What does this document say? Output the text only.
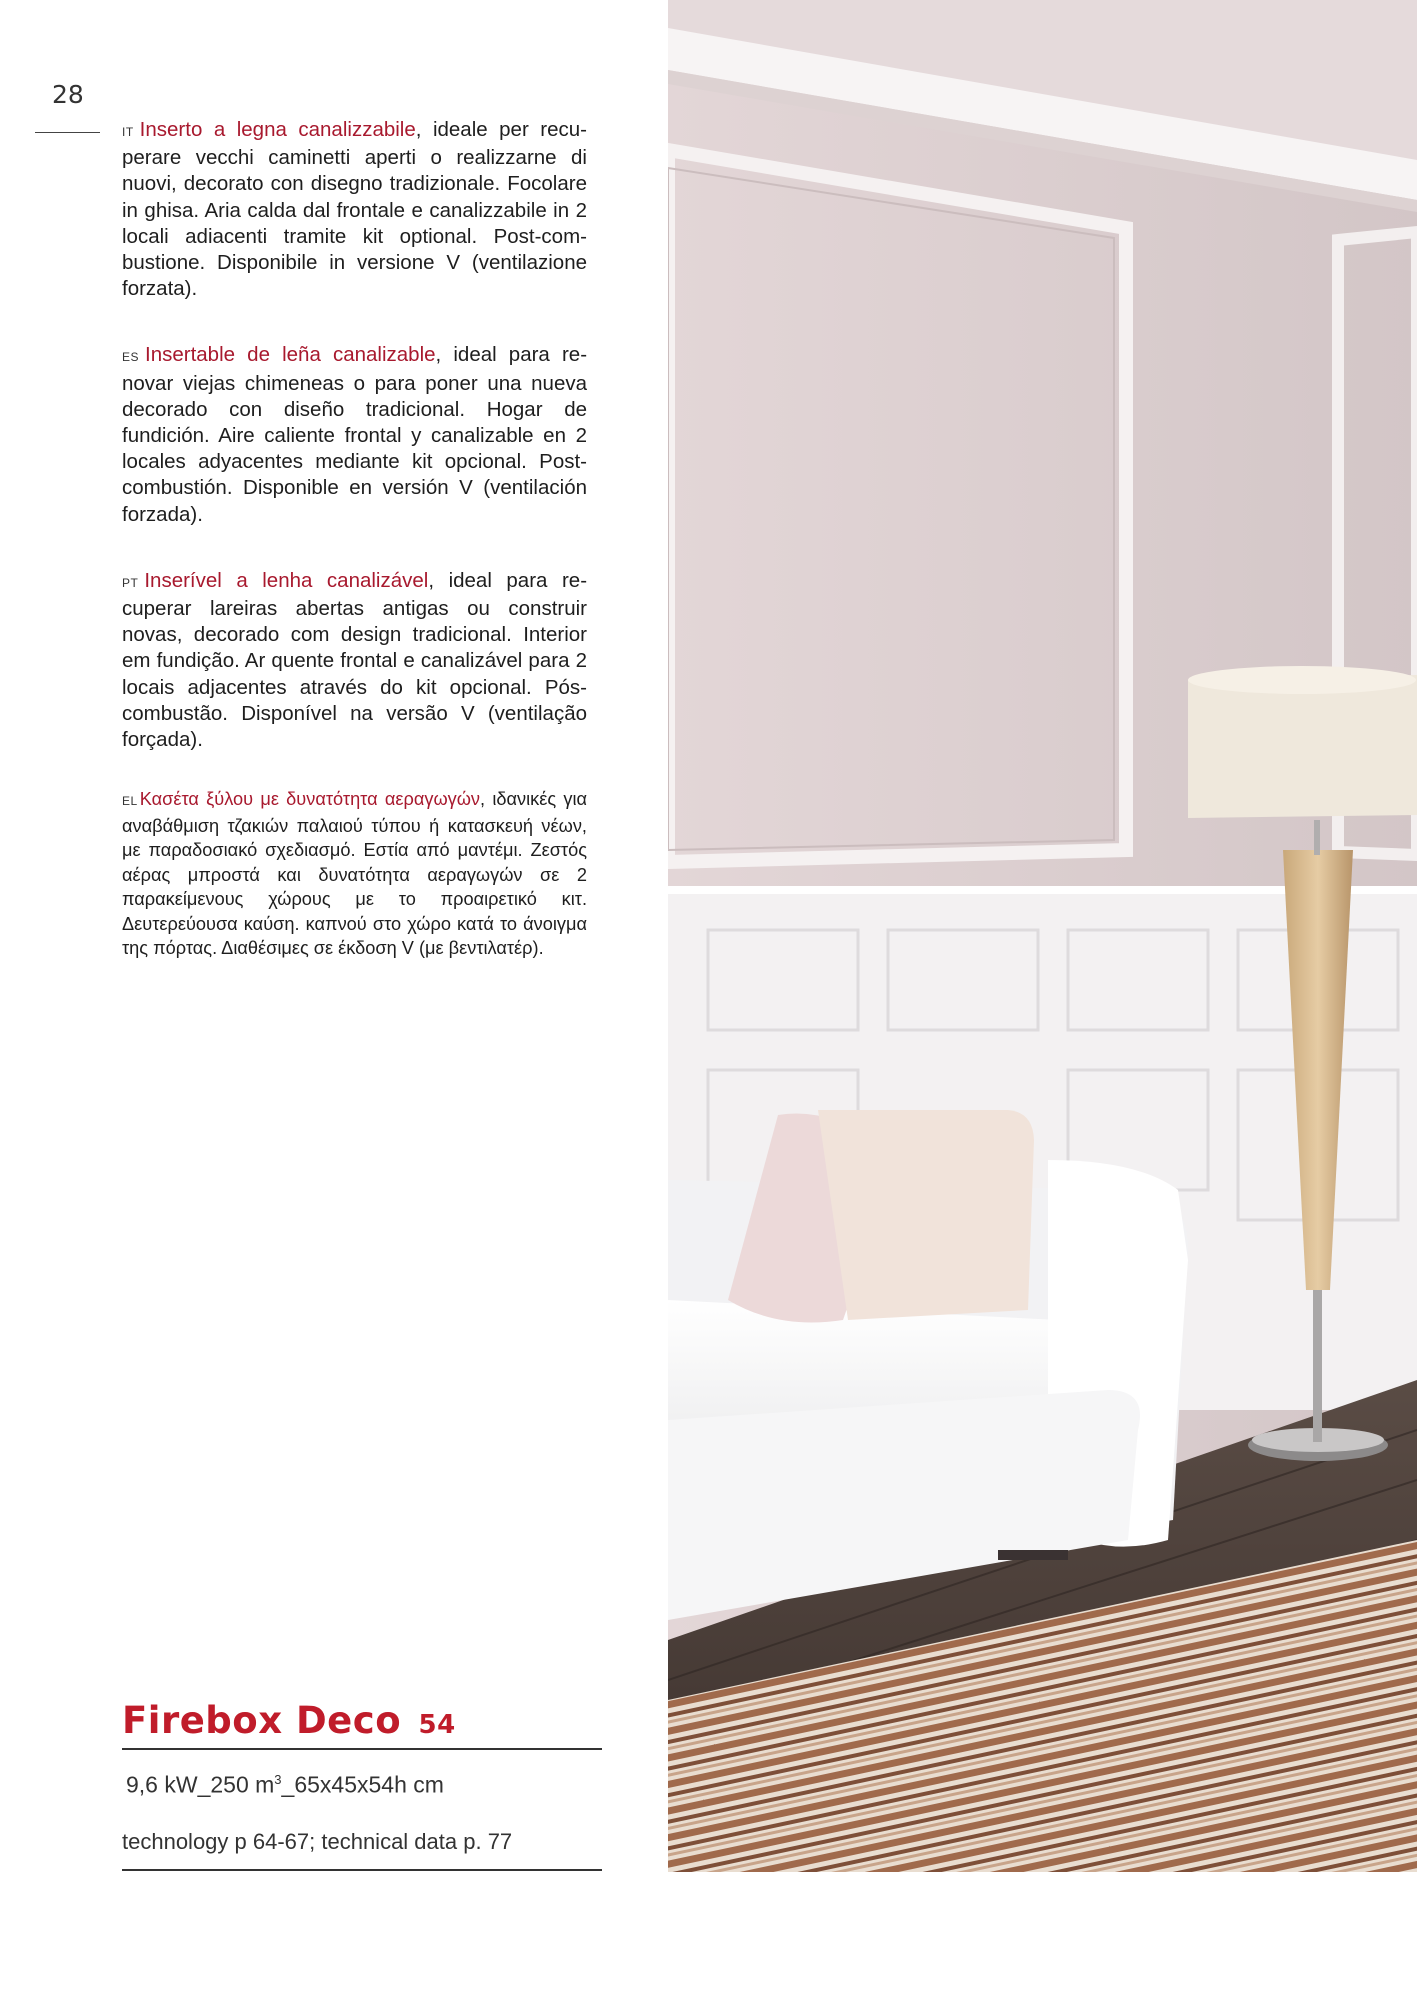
28

IT Inserto a legna canalizzabile, ideale per recuperare vecchi caminetti aperti o realizzarne di nuovi, decorato con disegno tradizionale. Focolare in ghisa. Aria calda dal frontale e canalizzabile in 2 locali adiacenti tramite kit optional. Post-combustione. Disponibile in versione V (ventilazione forzata).

ES Insertable de leña canalizable, ideal para renovar viejas chimeneas o para poner una nueva decorado con diseño tradicional. Hogar de fundición. Aire caliente frontal y canalizable en 2 locales adyacentes mediante kit opcional. Post-combustión. Disponible en versión V (ventilación forzada).

PT Inserível a lenha canalizável, ideal para recuperar lareiras abertas antigas ou construir novas, decorado com design tradicional. Interior em fundição. Ar quente frontal e canalizável para 2 locais adjacentes através do kit opcional. Pós-combustão. Disponível na versão V (ventilação forçada).

EL Κασέτα ξύλου με δυνατότητα αεραγωγών, ιδανικές για αναβάθμιση τζακιών παλαιού τύπου ή κατασκευή νέων, με παραδοσιακό σχεδιασμό. Εστία από μαντέμι. Ζεστός αέρας μπροστά και δυνατότητα αεραγωγών σε 2 παρακείμενους χώρους με το προαιρετικό κιτ. Δευτερεύουσα καύση. καπνού στο χώρο κατά το άνοιγμα της πόρτας. Διαθέσιμες σε έκδοση V (με βεντιλατέρ).

Firebox Deco 54
9,6 kW_250 $m^3\_65x45x54h$ cm
technology p 64-67; technical data p. 77
